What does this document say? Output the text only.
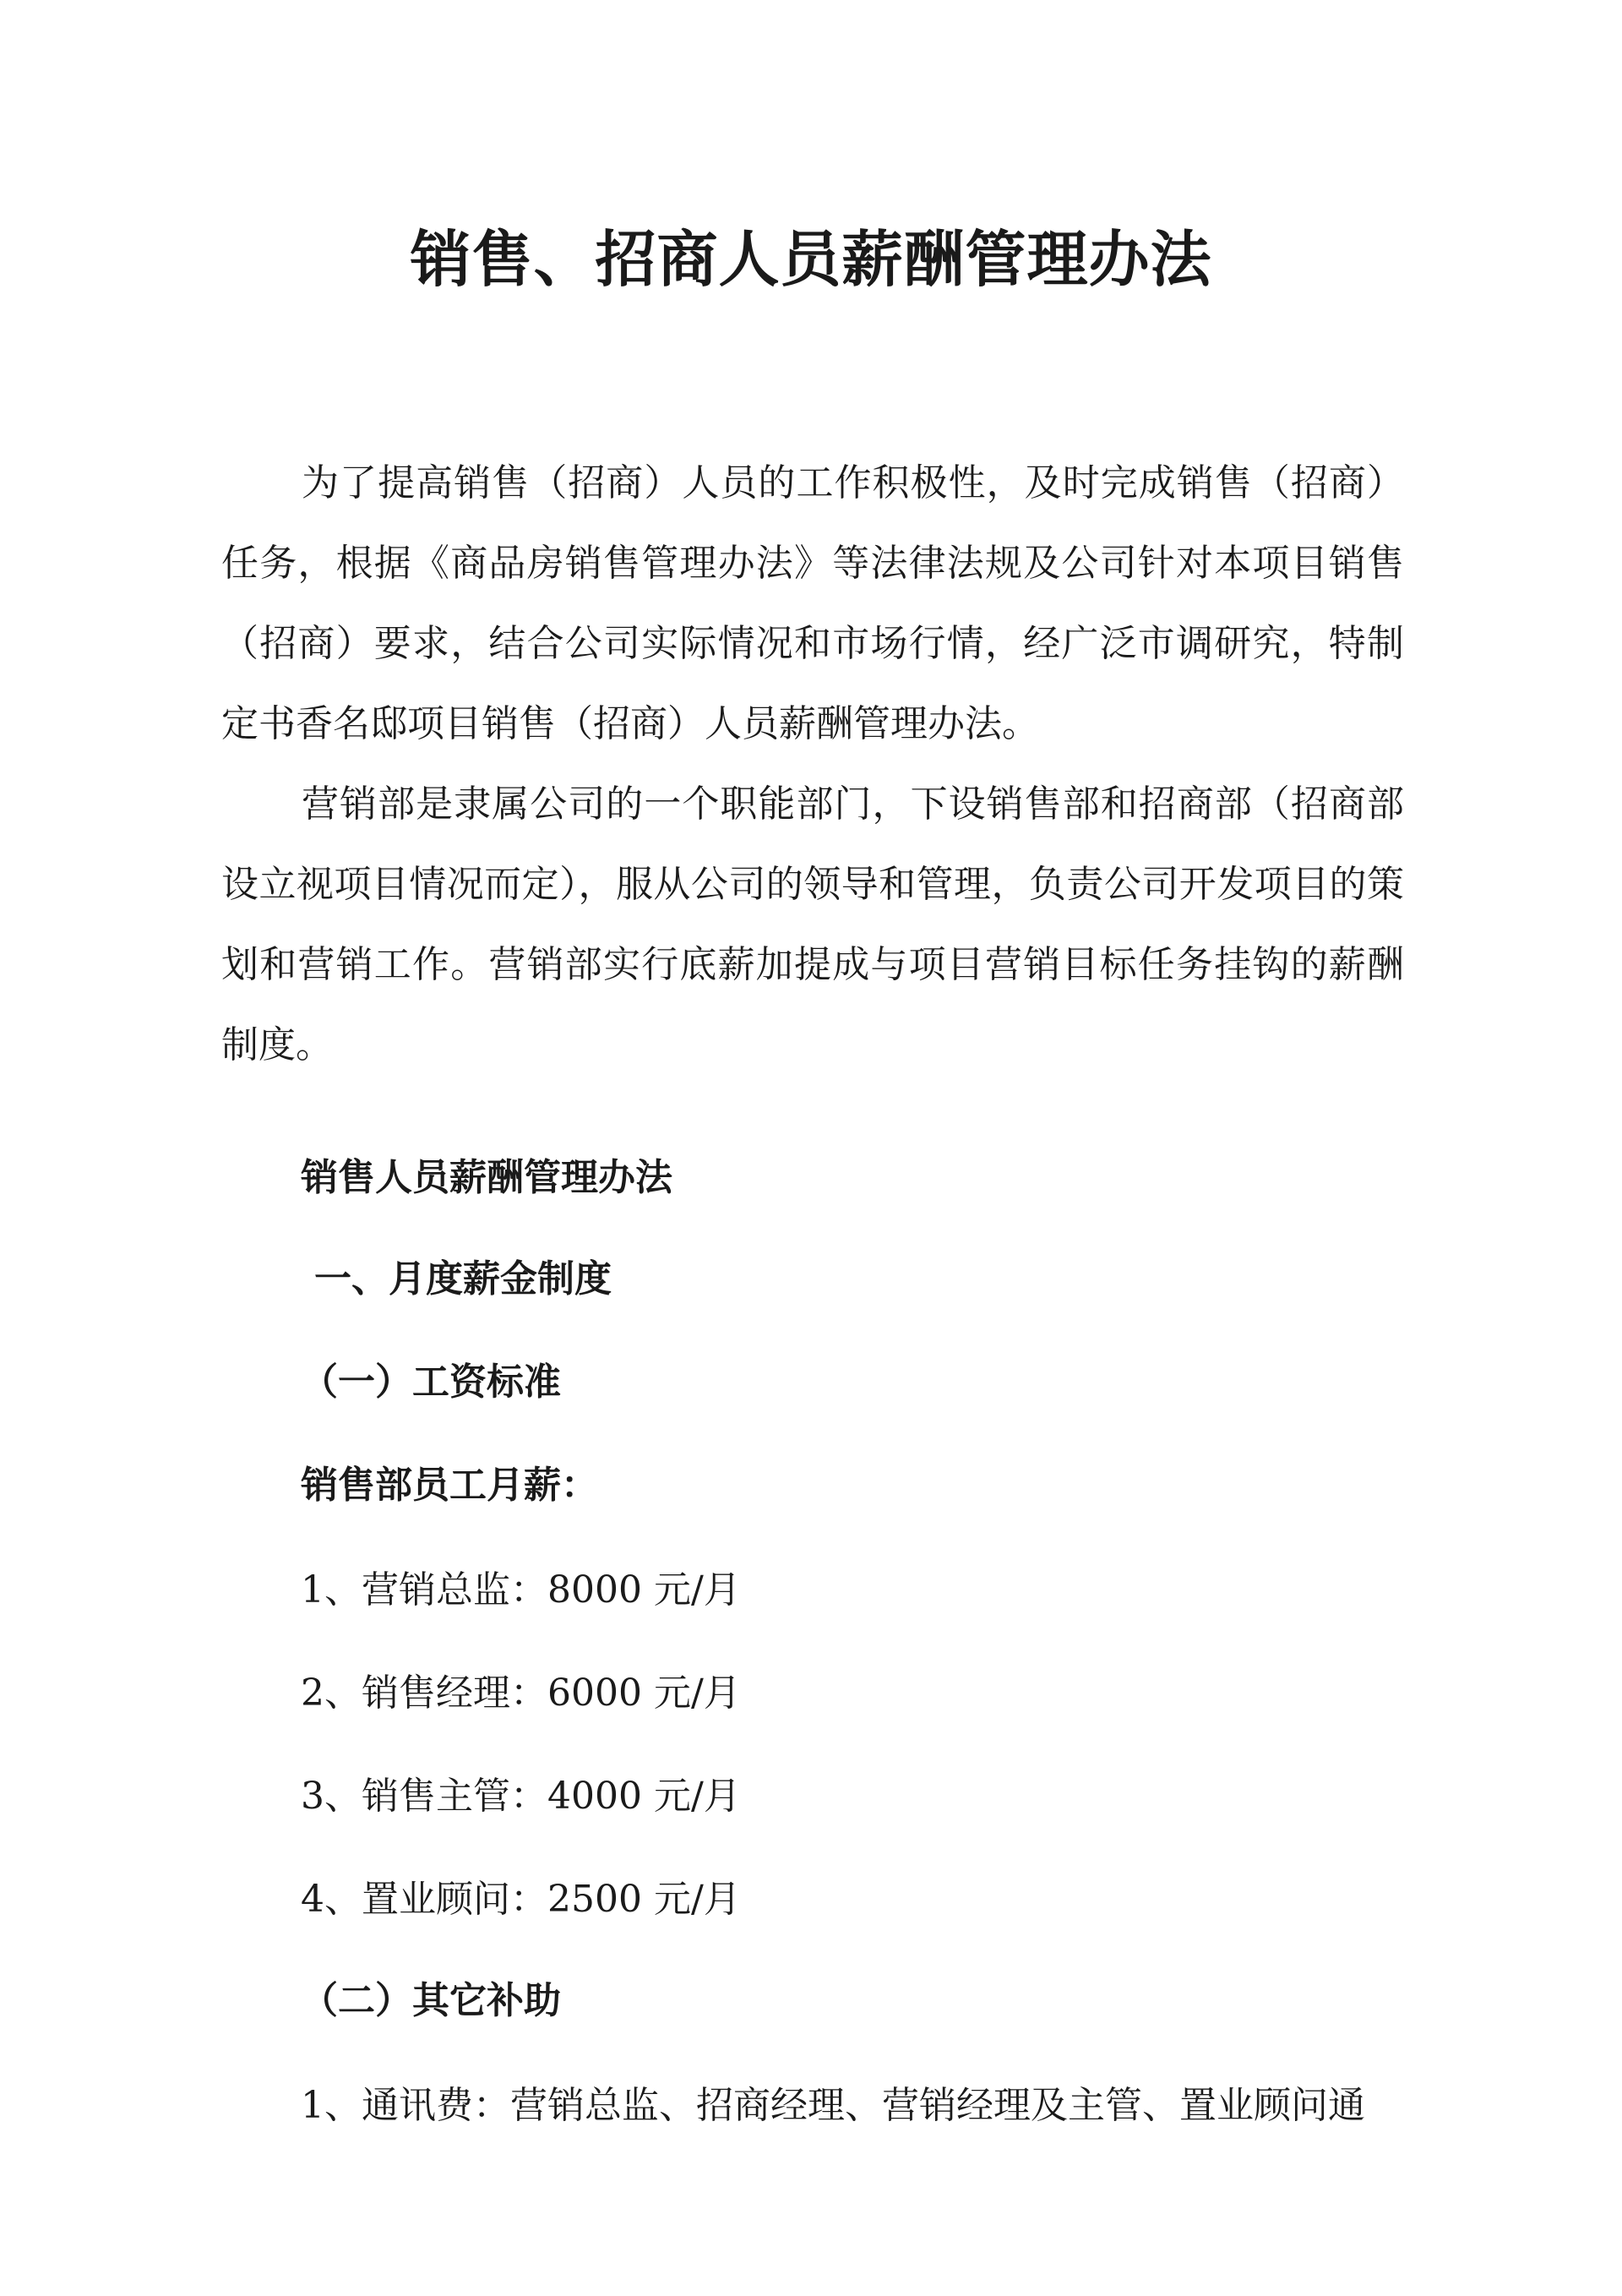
销售、招商人员薪酬管理办法
为了提高销售（招商）人员的工作积极性，及时完成销售（招商）任务，根据《商品房销售管理办法》等法律法规及公司针对本项目销售（招商）要求，结合公司实际情况和市场行情，经广泛市调研究，特制定书香名邸项目销售（招商）人员薪酬管理办法。
营销部是隶属公司的一个职能部门，下设销售部和招商部（招商部设立视项目情况而定），服从公司的领导和管理，负责公司开发项目的策划和营销工作。营销部实行底薪加提成与项目营销目标任务挂钩的薪酬制度。
销售人员薪酬管理办法
一、月度薪金制度
（一）工资标准
销售部员工月薪：
1、营销总监：8000 元/月
2、销售经理：6000 元/月
3、销售主管：4000 元/月
4、置业顾问：2500 元/月
（二）其它补助
1、通讯费：营销总监、招商经理、营销经理及主管、置业顾问通
